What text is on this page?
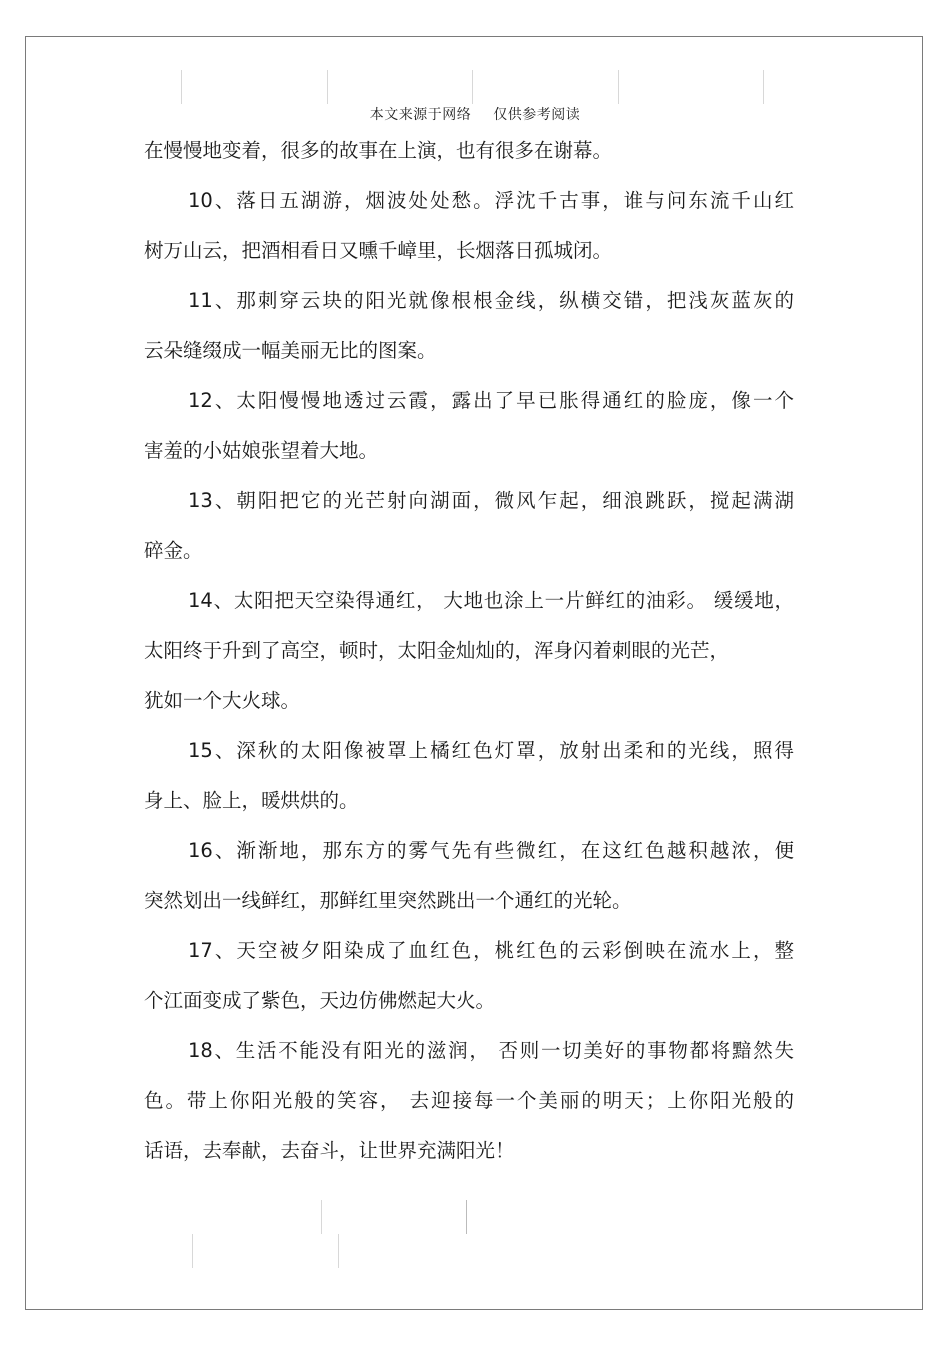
本文来源于网络 仅供参考阅读
在慢慢地变着，很多的故事在上演，也有很多在谢幕。
10、落日五湖游，烟波处处愁。浮沈千古事，谁与问东流千山红
树万山云，把酒相看日又曛千嶂里，长烟落日孤城闭。
11、那刺穿云块的阳光就像根根金线，纵横交错，把浅灰蓝灰的
云朵缝缀成一幅美丽无比的图案。
12、太阳慢慢地透过云霞，露出了早已胀得通红的脸庞，像一个
害羞的小姑娘张望着大地。
13、朝阳把它的光芒射向湖面，微风乍起，细浪跳跃，搅起满湖
碎金。
14、太阳把天空染得通红， 大地也涂上一片鲜红的油彩。 缓缓地，
太阳终于升到了高空，顿时，太阳金灿灿的，浑身闪着刺眼的光芒，
犹如一个大火球。
15、深秋的太阳像被罩上橘红色灯罩，放射出柔和的光线，照得
身上、脸上，暖烘烘的。
16、渐渐地，那东方的雾气先有些微红，在这红色越积越浓，便
突然划出一线鲜红，那鲜红里突然跳出一个通红的光轮。
17、天空被夕阳染成了血红色，桃红色的云彩倒映在流水上，整
个江面变成了紫色，天边仿佛燃起大火。
18、生活不能没有阳光的滋润， 否则一切美好的事物都将黯然失
色。带上你阳光般的笑容， 去迎接每一个美丽的明天；上你阳光般的
话语，去奉献，去奋斗，让世界充满阳光！
